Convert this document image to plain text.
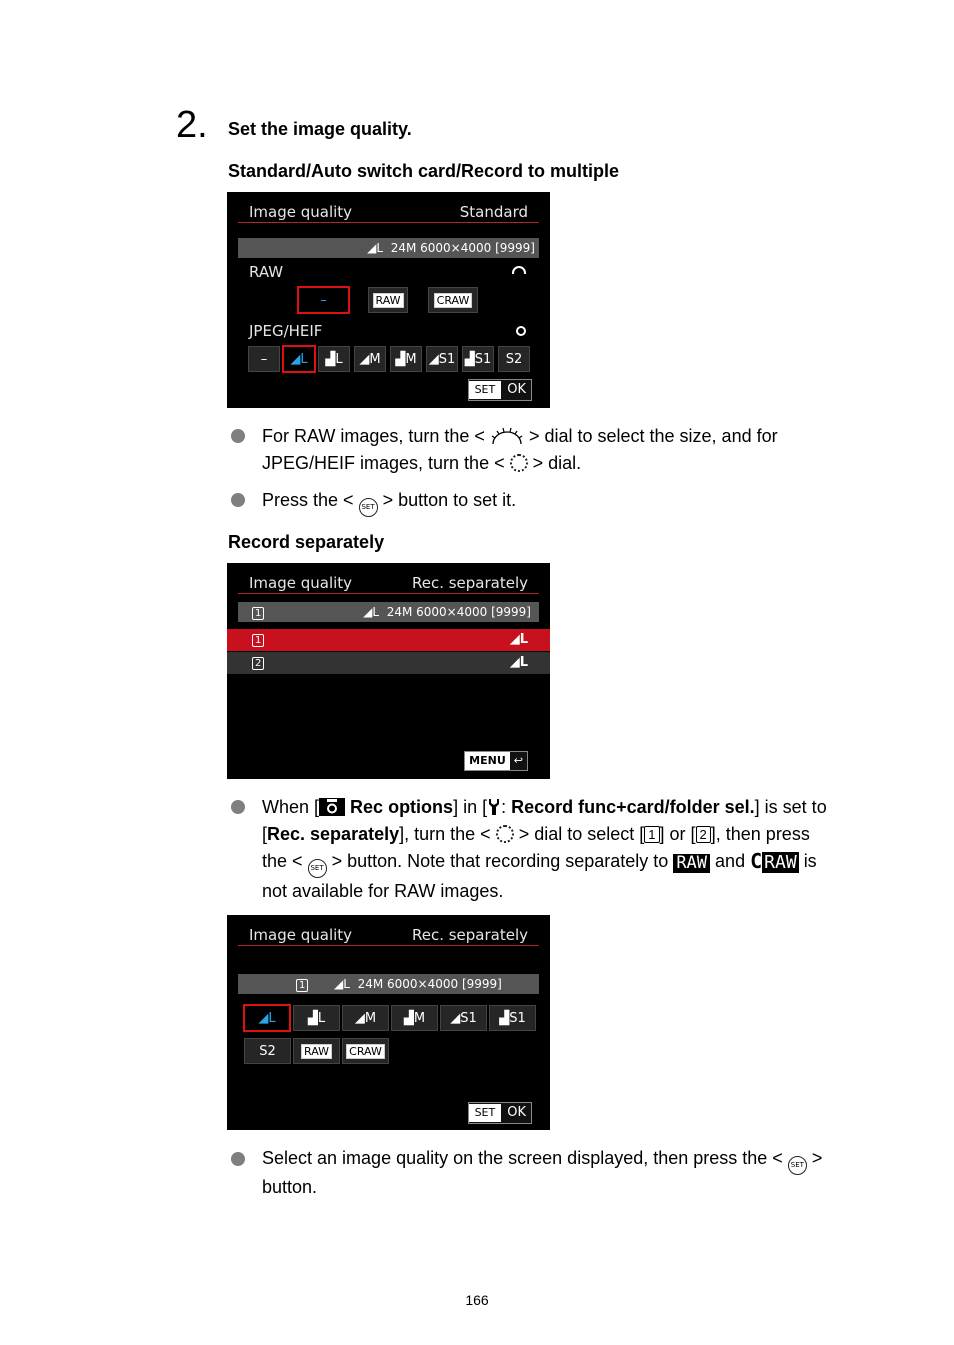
2. Set the image quality.
Standard/Auto switch card/Record to multiple
Image quality	Standard
◢L 24M 6000×4000 [9999]
RAW
–	RAW	CRAW
JPEG/HEIF
–	◢L	▟L	◢M	▟M ◢S1 ▟S1	S2
SET OK
For RAW images, turn the < > dial to select the size, and for
JPEG/HEIF images, turn the < > dial.
Press the < SET > button to set it.
Record separately
Image quality	Rec. separately
1	◢L 24M 6000×4000 [9999]
1	◢L
2	◢L
MENU ↩
When [ Rec options] in [ : Record func+card/folder sel.] is set to
[Rec. separately], turn the < > dial to select [ 1 ] or [ 2 ], then press
the < SET > button. Note that recording separately to RAW and C RAW is
not available for RAW images.
Image quality	Rec. separately
1 ◢L 24M 6000×4000 [9999]
◢L	▟L	◢M	▟M	◢S1	▟S1
S2	RAW	CRAW
SET OK
Select an image quality on the screen displayed, then press the < SET >
button.
166
